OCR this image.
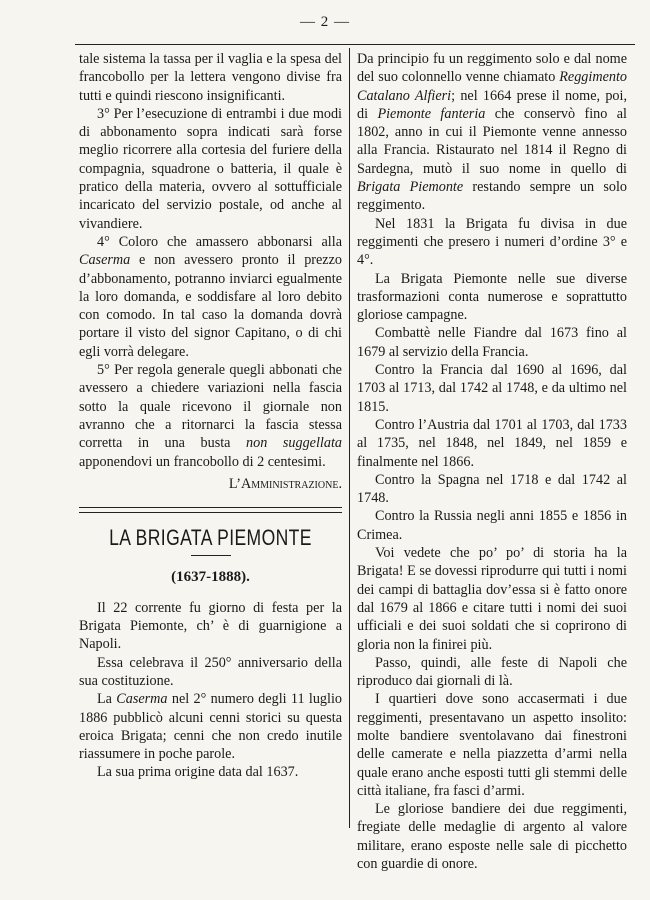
— 2 —

tale sistema la tassa per il vaglia e la spesa del francobollo per la lettera vengono divise fra tutti e quindi riescono insignificanti.

3° Per l’esecuzione di entrambi i due modi di abbonamento sopra indicati sarà forse meglio ricorrere alla cortesia del furiere della compagnia, squadrone o batteria, il quale è pratico della materia, ovvero al sottufficiale incaricato del servizio postale, od anche al vivandiere.

4° Coloro che amassero abbonarsi alla Caserma e non avessero pronto il prezzo d’abbonamento, potranno inviarci egualmente la loro domanda, e soddisfare al loro debito con comodo. In tal caso la domanda dovrà portare il visto del signor Capitano, o di chi egli vorrà delegare.

5° Per regola generale quegli abbonati che avessero a chiedere variazioni nella fascia sotto la quale ricevono il giornale non avranno che a ritornarci la fascia stessa corretta in una busta non suggellata apponendovi un francobollo di 2 centesimi.

L’Amministrazione.

LA BRIGATA PIEMONTE

(1637-1888).

Il 22 corrente fu giorno di festa per la Brigata Piemonte, ch’ è di guarnigione a Napoli.

Essa celebrava il 250° anniversario della sua costituzione.

La Caserma nel 2° numero degli 11 luglio 1886 pubblicò alcuni cenni storici su questa eroica Brigata; cenni che non credo inutile riassumere in poche parole.

La sua prima origine data dal 1637.

Da principio fu un reggimento solo e dal nome del suo colonnello venne chiamato Reggimento Catalano Alfieri; nel 1664 prese il nome, poi, di Piemonte fanteria che conservò fino al 1802, anno in cui il Piemonte venne annesso alla Francia. Ristaurato nel 1814 il Regno di Sardegna, mutò il suo nome in quello di Brigata Piemonte restando sempre un solo reggimento.

Nel 1831 la Brigata fu divisa in due reggimenti che presero i numeri d’ordine 3° e 4°.

La Brigata Piemonte nelle sue diverse trasformazioni conta numerose e soprattutto gloriose campagne.

Combattè nelle Fiandre dal 1673 fino al 1679 al servizio della Francia.

Contro la Francia dal 1690 al 1696, dal 1703 al 1713, dal 1742 al 1748, e da ultimo nel 1815.

Contro l’Austria dal 1701 al 1703, dal 1733 al 1735, nel 1848, nel 1849, nel 1859 e finalmente nel 1866.

Contro la Spagna nel 1718 e dal 1742 al 1748.

Contro la Russia negli anni 1855 e 1856 in Crimea.

Voi vedete che po’ po’ di storia ha la Brigata! E se dovessi riprodurre qui tutti i nomi dei campi di battaglia dov’essa si è fatto onore dal 1679 al 1866 e citare tutti i nomi dei suoi ufficiali e dei suoi soldati che si coprirono di gloria non la finirei più.

Passo, quindi, alle feste di Napoli che riproduco dai giornali di là.

I quartieri dove sono accasermati i due reggimenti, presentavano un aspetto insolito: molte bandiere sventolavano dai finestroni delle camerate e nella piazzetta d’armi nella quale erano anche esposti tutti gli stemmi delle città italiane, fra fasci d’armi.

Le gloriose bandiere dei due reggimenti, fregiate delle medaglie di argento al valore militare, erano esposte nelle sale di picchetto con guardie di onore.
